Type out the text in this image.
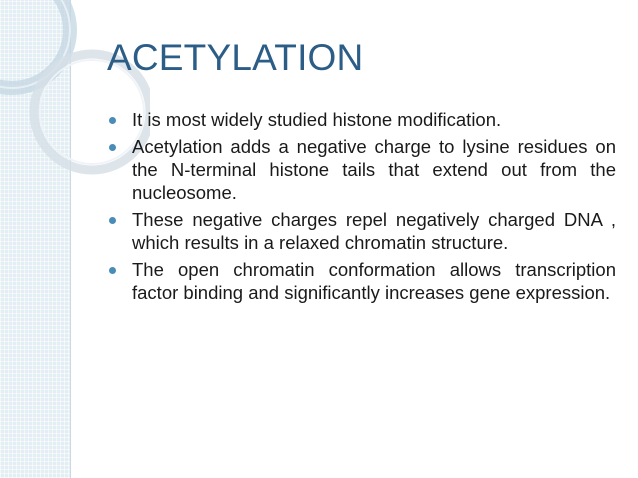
ACETYLATION
It is most widely studied histone modification.
Acetylation adds a negative charge to lysine residues on the N-terminal histone tails that extend out from the nucleosome.
These negative charges repel negatively charged DNA , which results in a relaxed chromatin structure.
The open chromatin conformation allows transcription factor binding and significantly increases gene expression.
